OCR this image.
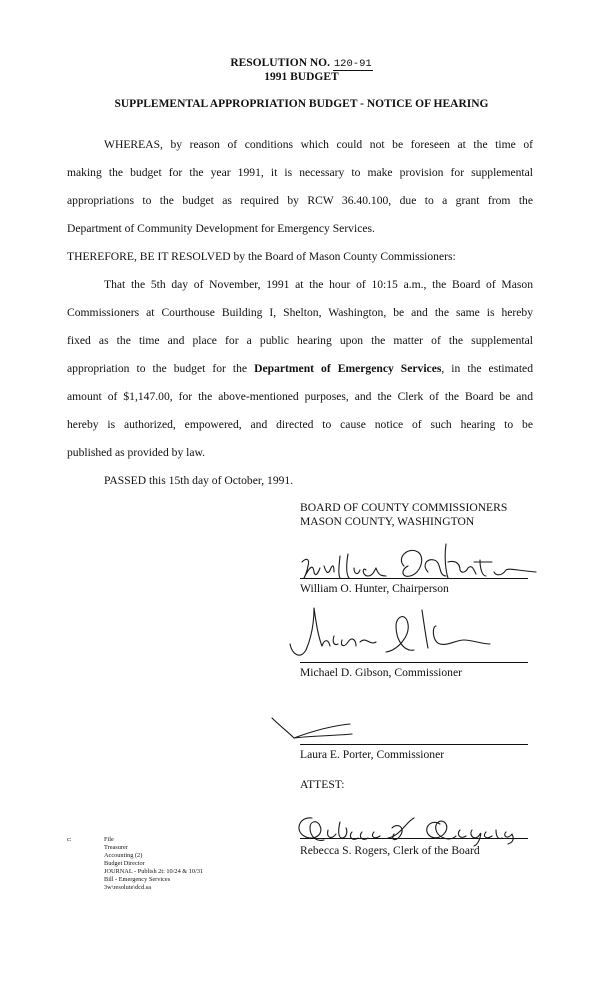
RESOLUTION NO. 120-91
1991 BUDGET
SUPPLEMENTAL APPROPRIATION BUDGET - NOTICE OF HEARING
WHEREAS, by reason of conditions which could not be foreseen at the time of
making the budget for the year 1991, it is necessary to make provision for supplemental
appropriations to the budget as required by RCW 36.40.100, due to a grant from the
Department of Community Development for Emergency Services.
THEREFORE, BE IT RESOLVED by the Board of Mason County Commissioners:
That the 5th day of November, 1991 at the hour of 10:15 a.m., the Board of Mason
Commissioners at Courthouse Building I, Shelton, Washington, be and the same is hereby
fixed as the time and place for a public hearing upon the matter of the supplemental
appropriation to the budget for the Department of Emergency Services, in the estimated
amount of $1,147.00, for the above-mentioned purposes, and the Clerk of the Board be and
hereby is authorized, empowered, and directed to cause notice of such hearing to be
published as provided by law.
PASSED this 15th day of October, 1991.
BOARD OF COUNTY COMMISSIONERS
MASON COUNTY, WASHINGTON
William O. Hunter, Chairperson
Michael D. Gibson, Commissioner
Laura E. Porter, Commissioner
ATTEST:
Rebecca S. Rogers, Clerk of the Board
c:	File
Treasurer
Accounting (2)
Budget Director
JOURNAL - Publish 2t: 10/24 & 10/31
Bill - Emergency Services
3w\resolute\dcd.sa
